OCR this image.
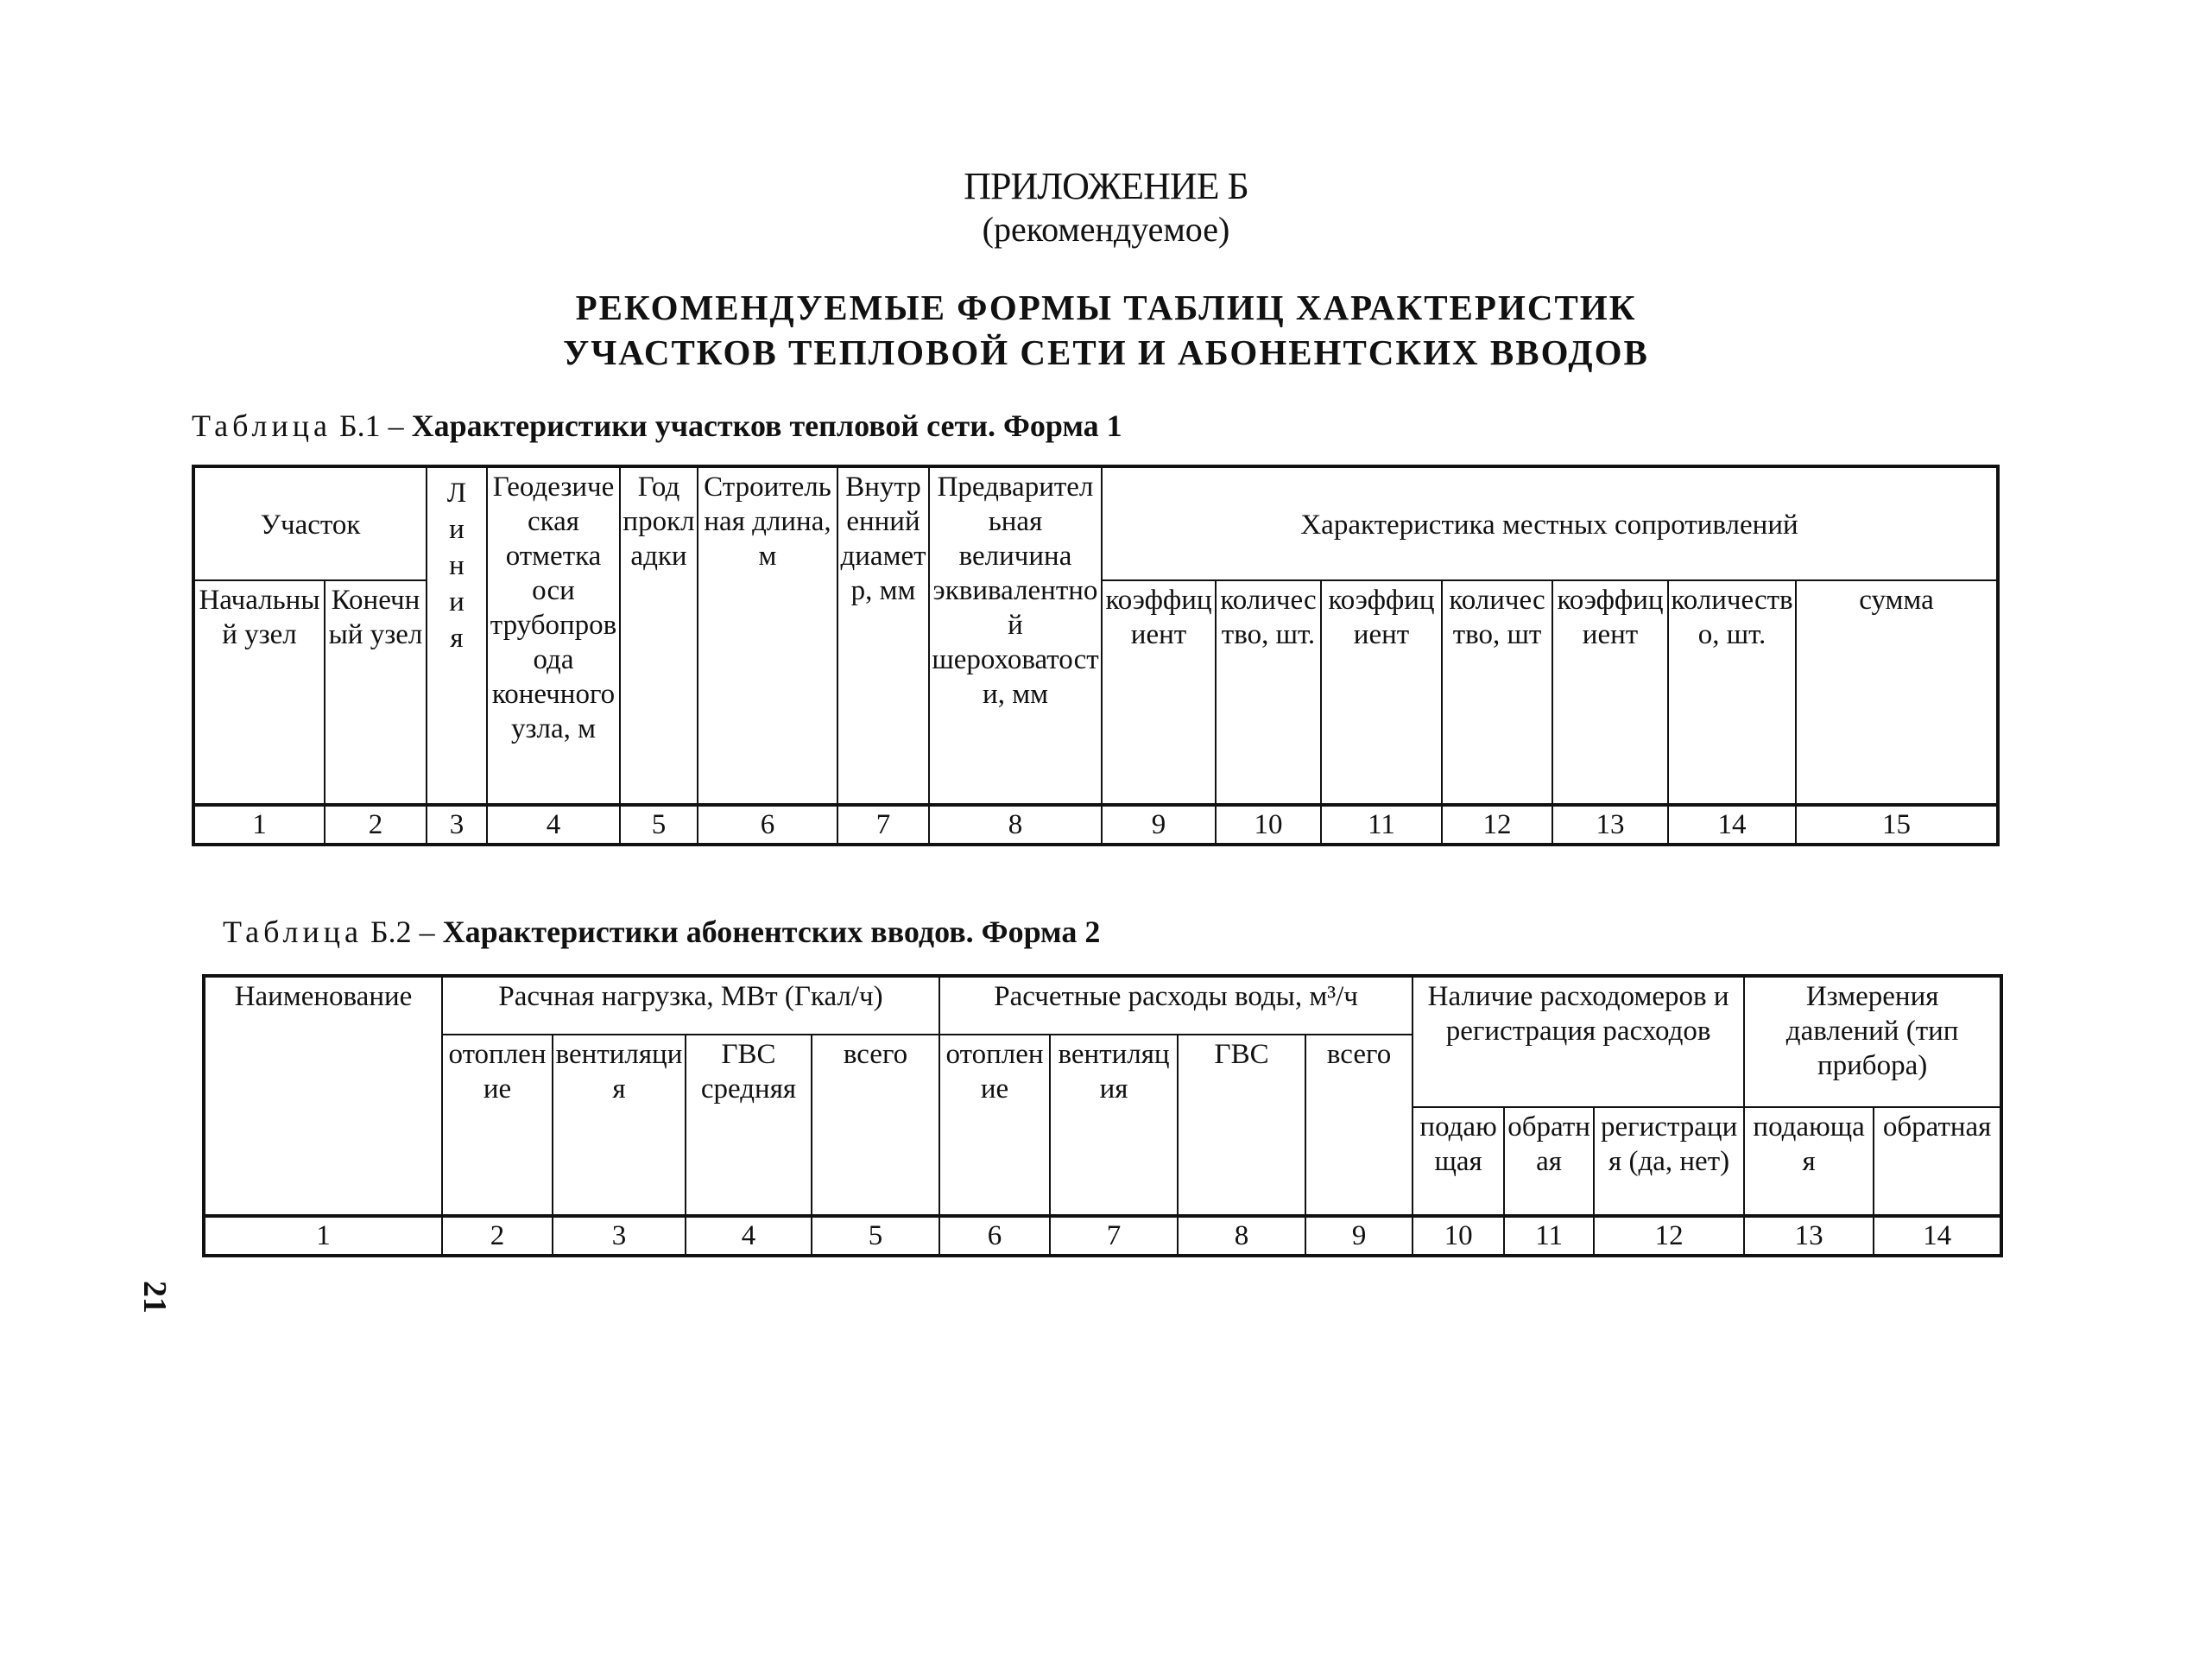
ПРИЛОЖЕНИЕ Б
(рекомендуемое)
РЕКОМЕНДУЕМЫЕ ФОРМЫ ТАБЛИЦ ХАРАКТЕРИСТИК
УЧАСТКОВ ТЕПЛОВОЙ СЕТИ И АБОНЕНТСКИХ ВВОДОВ
Таблица Б.1 – Характеристики участков тепловой сети. Форма 1
Участок		Л и н и я	Геодезическая отметка оси трубопровода конечного узла, м	Год прокладки	Строительная длина, м	Внутренний диаметр, мм	Предварительная величина эквивалентной шероховатости, мм	Характеристика местных сопротивлений						
Начальный узел	Конечный узел							коэффициент	количество, шт.	коэффициент	количество, шт	коэффициент	количество, шт.	сумма
1	2	3	4	5	6	7	8	9	10	11	12	13	14	15
Таблица Б.2 – Характеристики абонентских вводов. Форма 2
Наименование	Расчная нагрузка, МВт (Гкал/ч)				Расчетные расходы воды, м³/ч				Наличие расходомеров и регистрация расходов			Измерения давлений (тип прибора)	
	отопление	вентиляция	ГВС средняя	всего	отопление	вентиляция	ГВС	всего					
									подающая	обратная	регистрация (да, нет)	подающая	обратная
1	2	3	4	5	6	7	8	9	10	11	12	13	14
21
